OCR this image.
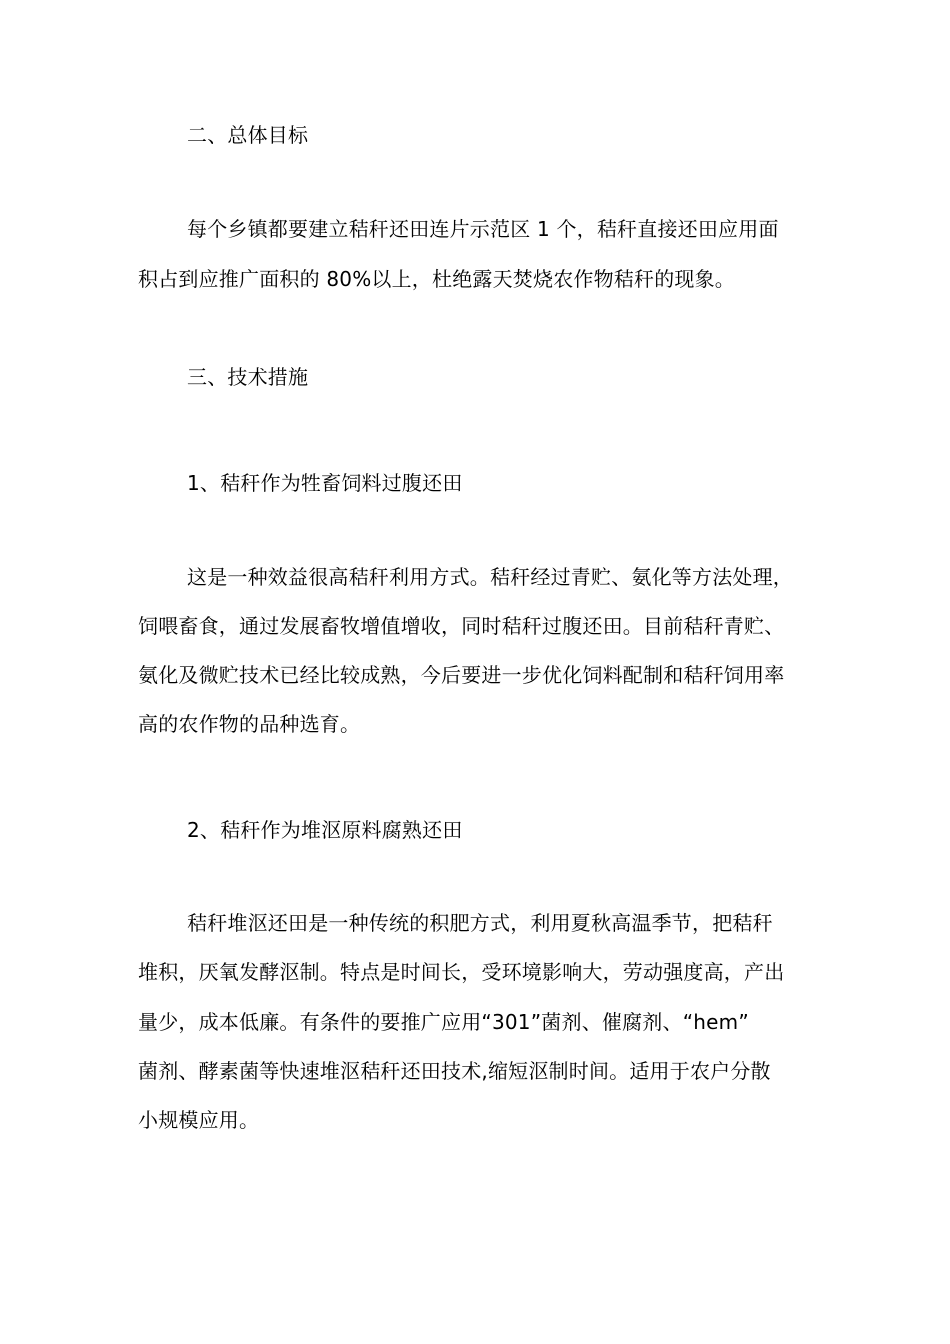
二、总体目标
每个乡镇都要建立秸秆还田连片示范区 1 个，秸秆直接还田应用面
积占到应推广面积的 80%以上，杜绝露天焚烧农作物秸秆的现象。
三、技术措施
1、秸秆作为牲畜饲料过腹还田
这是一种效益很高秸秆利用方式。秸秆经过青贮、氨化等方法处理，
饲喂畜食，通过发展畜牧增值增收，同时秸秆过腹还田。目前秸秆青贮、
氨化及微贮技术已经比较成熟，今后要进一步优化饲料配制和秸秆饲用率
高的农作物的品种选育。
2、秸秆作为堆沤原料腐熟还田
秸秆堆沤还田是一种传统的积肥方式，利用夏秋高温季节，把秸秆
堆积，厌氧发酵沤制。特点是时间长，受环境影响大，劳动强度高，产出
量少，成本低廉。有条件的要推广应用“301”菌剂、催腐剂、“hem”
菌剂、酵素菌等快速堆沤秸秆还田技术,缩短沤制时间。适用于农户分散
小规模应用。
